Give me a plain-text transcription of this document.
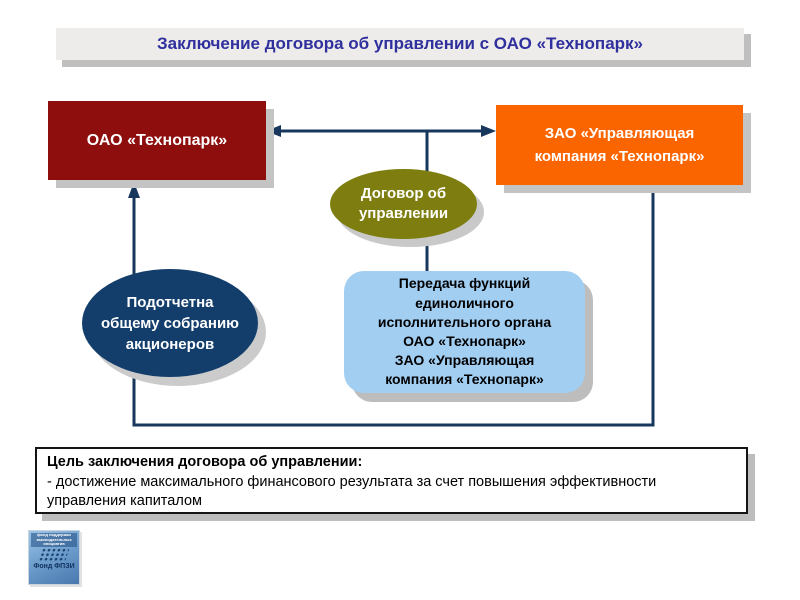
Заключение договора об управлении с ОАО «Технопарк»
ОАО «Технопарк»	ЗАО «Управляющая
компания «Технопарк»
Договор об
управлении
Подотчетна
общему собранию
акционеров
Передача функций
единоличного
исполнительного органа
ОАО «Технопарк»
ЗАО «Управляющая
компания «Технопарк»
Цель заключения договора об управлении:
- достижение максимального финансового результата за счет повышения эффективности управления капиталом
фонд поддержки законодательных инициатив
Фонд ФПЗИ
